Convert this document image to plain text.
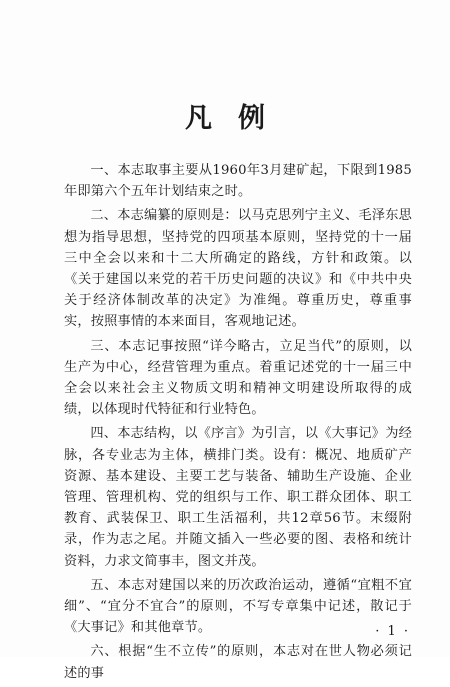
凡例

一、本志取事主要从1960年3月建矿起，下限到1985年即第六个五年计划结束之时。

二、本志编纂的原则是：以马克思列宁主义、毛泽东思想为指导思想，坚持党的四项基本原则，坚持党的十一届三中全会以来和十二大所确定的路线，方针和政策。以《关于建国以来党的若干历史问题的决议》和《中共中央关于经济体制改革的决定》为准绳。尊重历史，尊重事实，按照事情的本来面目，客观地记述。

三、本志记事按照“详今略古，立足当代”的原则，以生产为中心，经营管理为重点。着重记述党的十一届三中全会以来社会主义物质文明和精神文明建设所取得的成绩，以体现时代特征和行业特色。

四、本志结构，以《序言》为引言，以《大事记》为经脉，各专业志为主体，横排门类。设有：概况、地质矿产资源、基本建设、主要工艺与装备、辅助生产设施、企业管理、管理机构、党的组织与工作、职工群众团体、职工教育、武装保卫、职工生活福利，共12章56节。末缀附录，作为志之尾。并随文插入一些必要的图、表格和统计资料，力求文简事丰，图文并茂。

五、本志对建国以来的历次政治运动，遵循“宜粗不宜细”、“宜分不宜合”的原则，不写专章集中记述，散记于《大事记》和其他章节。

六、根据“生不立传”的原则，本志对在世人物必须记述的事

· 1 ·
